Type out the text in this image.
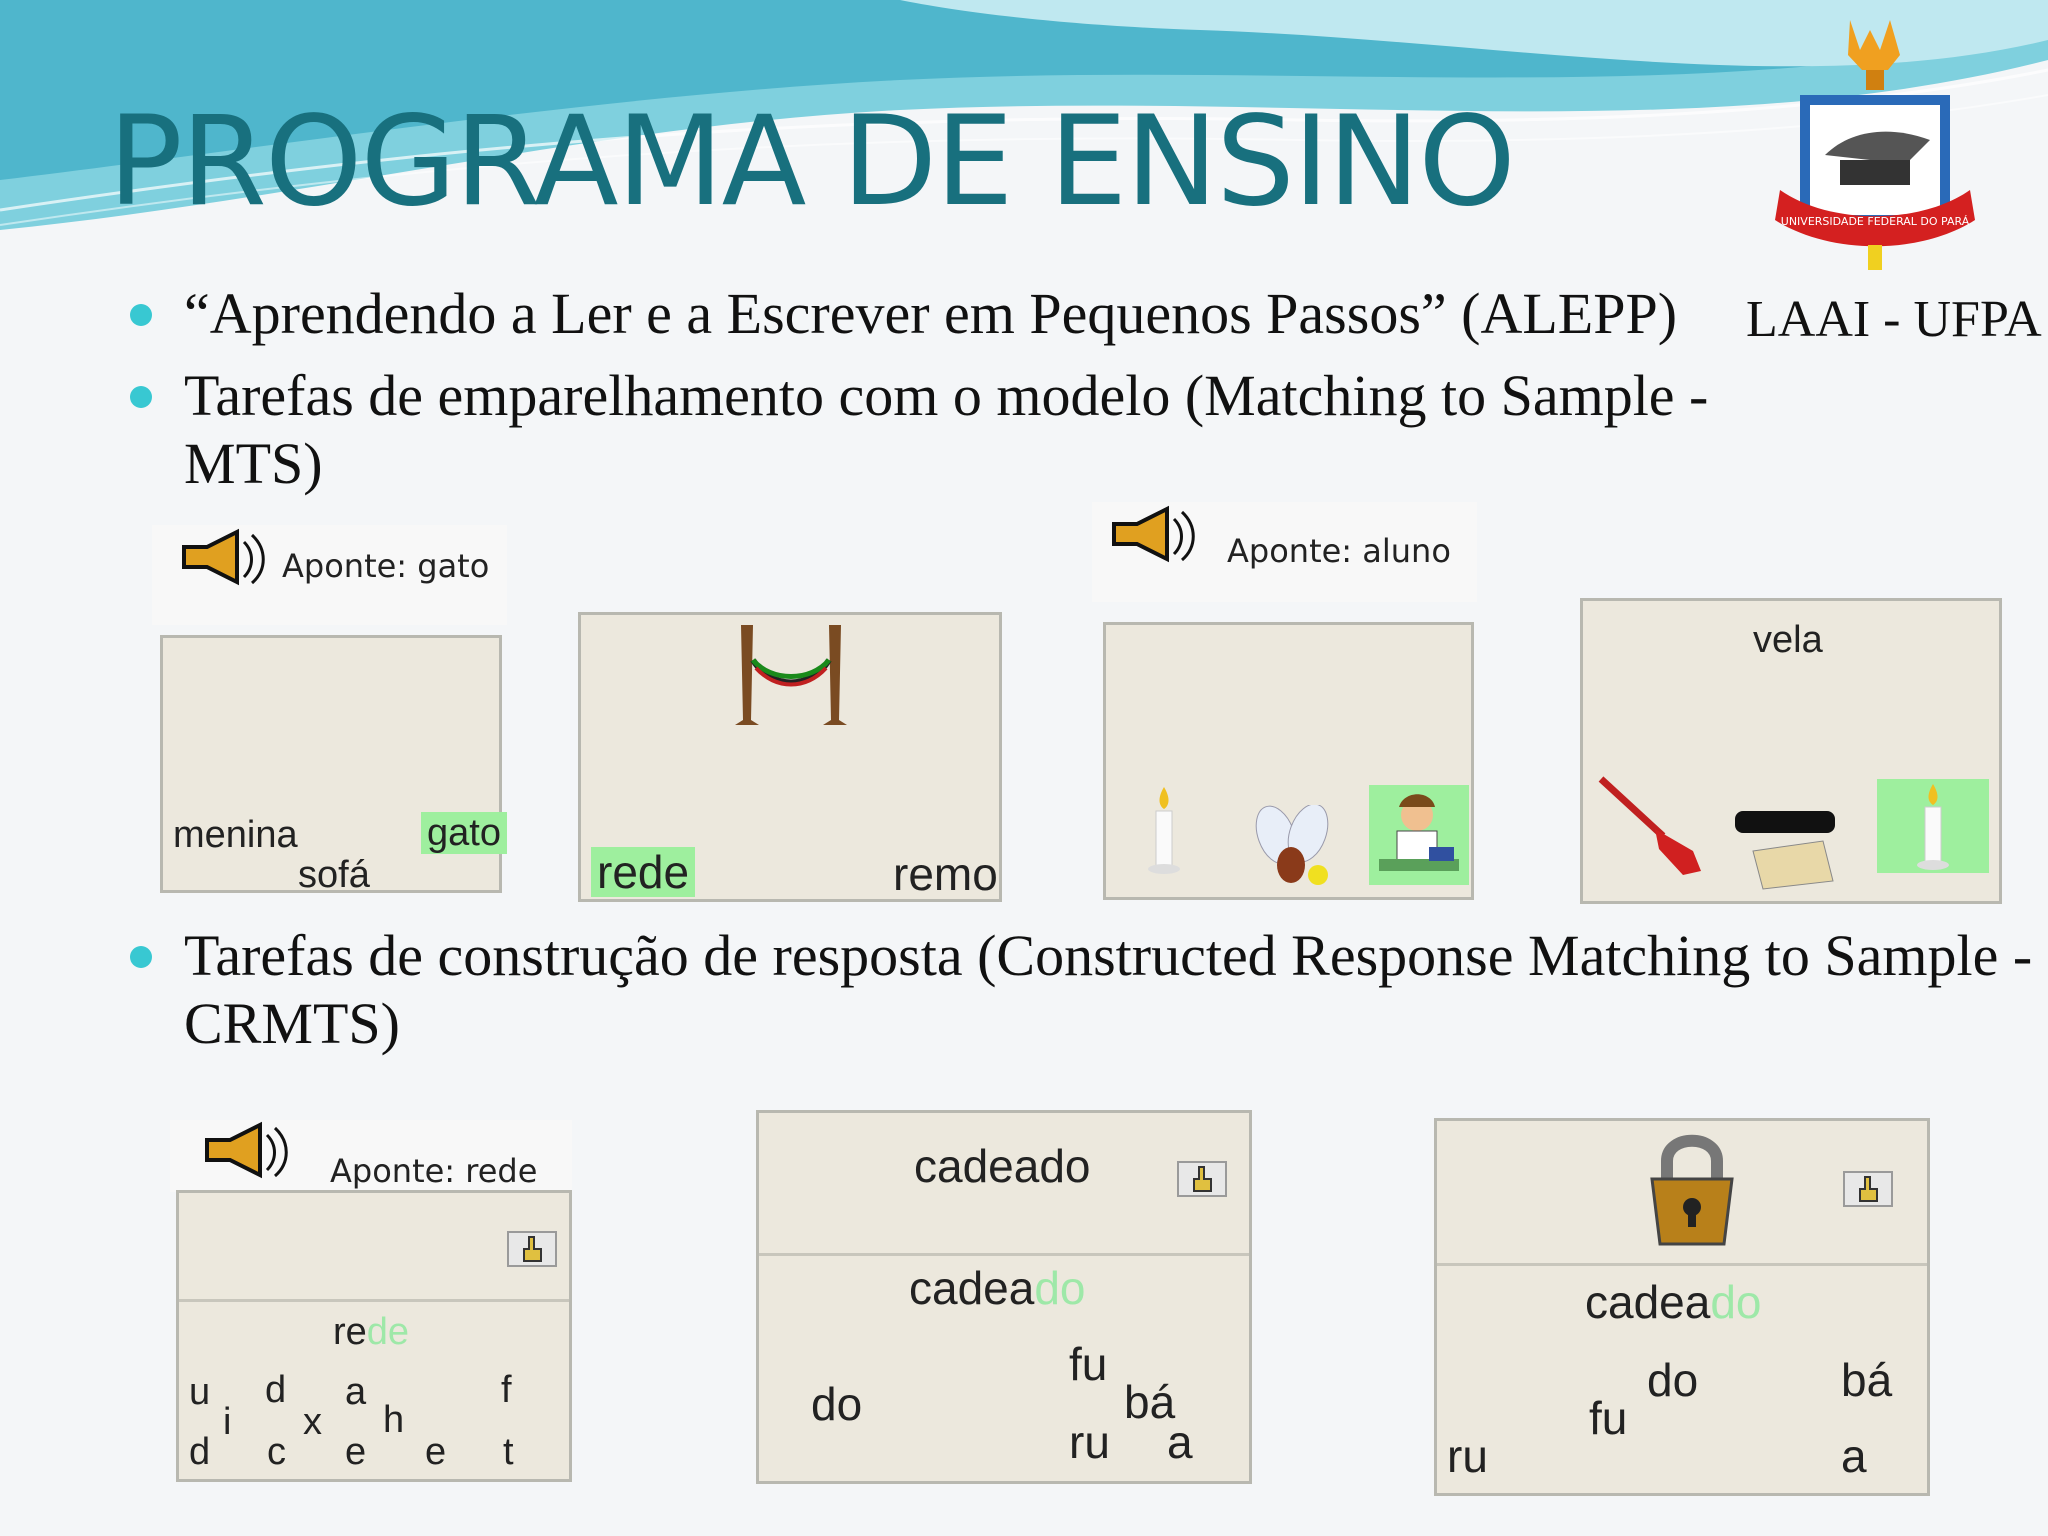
PROGRAMA DE ENSINO	UNIVERSIDADE FEDERAL DO PARÁ
LAAI - UFPA
“Aprendendo a Ler e a Escrever em Pequenos Passos” (ALEPP)
Tarefas de emparelhamento com o modelo (Matching to Sample - MTS)
Tarefas de construção de resposta (Constructed Response Matching to Sample - CRMTS)
Aponte: gato
menina	gato
sofá	rede	remo
Aponte: aluno
vela
Aponte: rede
rede
u d a	f
i x h
d c e e t
cadeado
cadeado
fu
do	bá
ru a
cadeado
do	bá
fu
ru	a
